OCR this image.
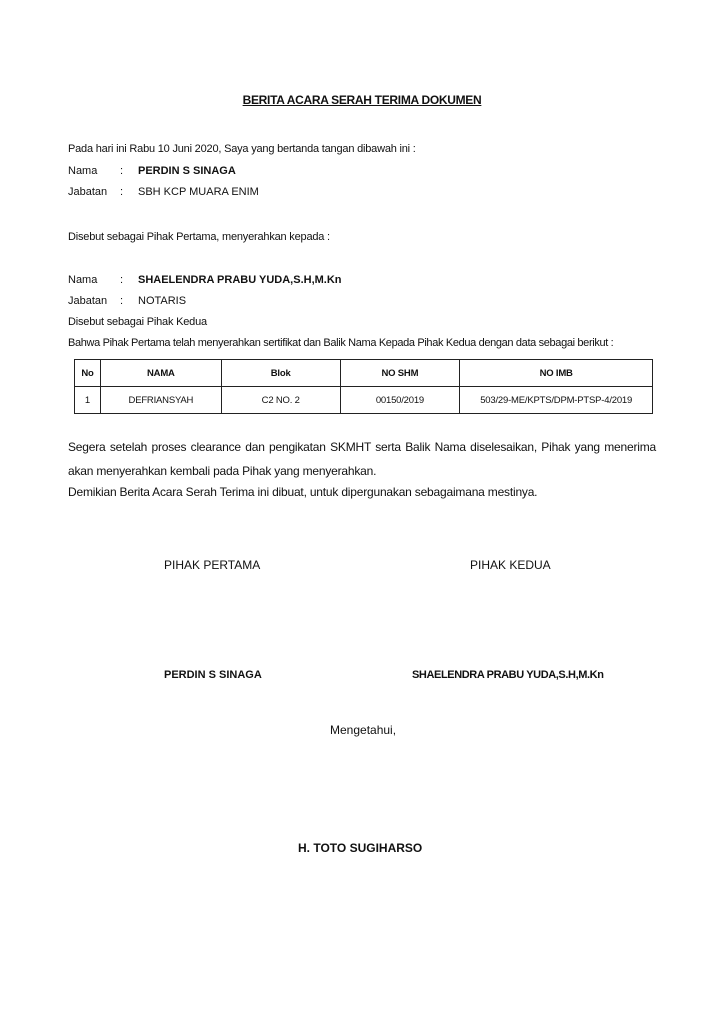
BERITA ACARA SERAH TERIMA DOKUMEN
Pada hari ini Rabu 10 Juni 2020, Saya yang bertanda tangan dibawah ini :
Nama : PERDIN S SINAGA
Jabatan : SBH KCP MUARA ENIM
Disebut sebagai Pihak Pertama, menyerahkan kepada :
Nama : SHAELENDRA PRABU YUDA,S.H,M.Kn
Jabatan : NOTARIS
Disebut sebagai Pihak Kedua
Bahwa Pihak Pertama telah menyerahkan sertifikat dan Balik Nama Kepada Pihak Kedua dengan data sebagai berikut :
No	NAMA	Blok	NO SHM	NO IMB
1	DEFRIANSYAH	C2 NO. 2	00150/2019	503/29-ME/KPTS/DPM-PTSP-4/2019
Segera setelah proses clearance dan pengikatan SKMHT serta Balik Nama diselesaikan, Pihak yang menerima akan menyerahkan kembali pada Pihak yang menyerahkan.
Demikian Berita Acara Serah Terima ini dibuat, untuk dipergunakan sebagaimana mestinya.
PIHAK PERTAMA	PIHAK KEDUA
PERDIN S SINAGA	SHAELENDRA PRABU YUDA,S.H,M.Kn
Mengetahui,
H. TOTO SUGIHARSO
